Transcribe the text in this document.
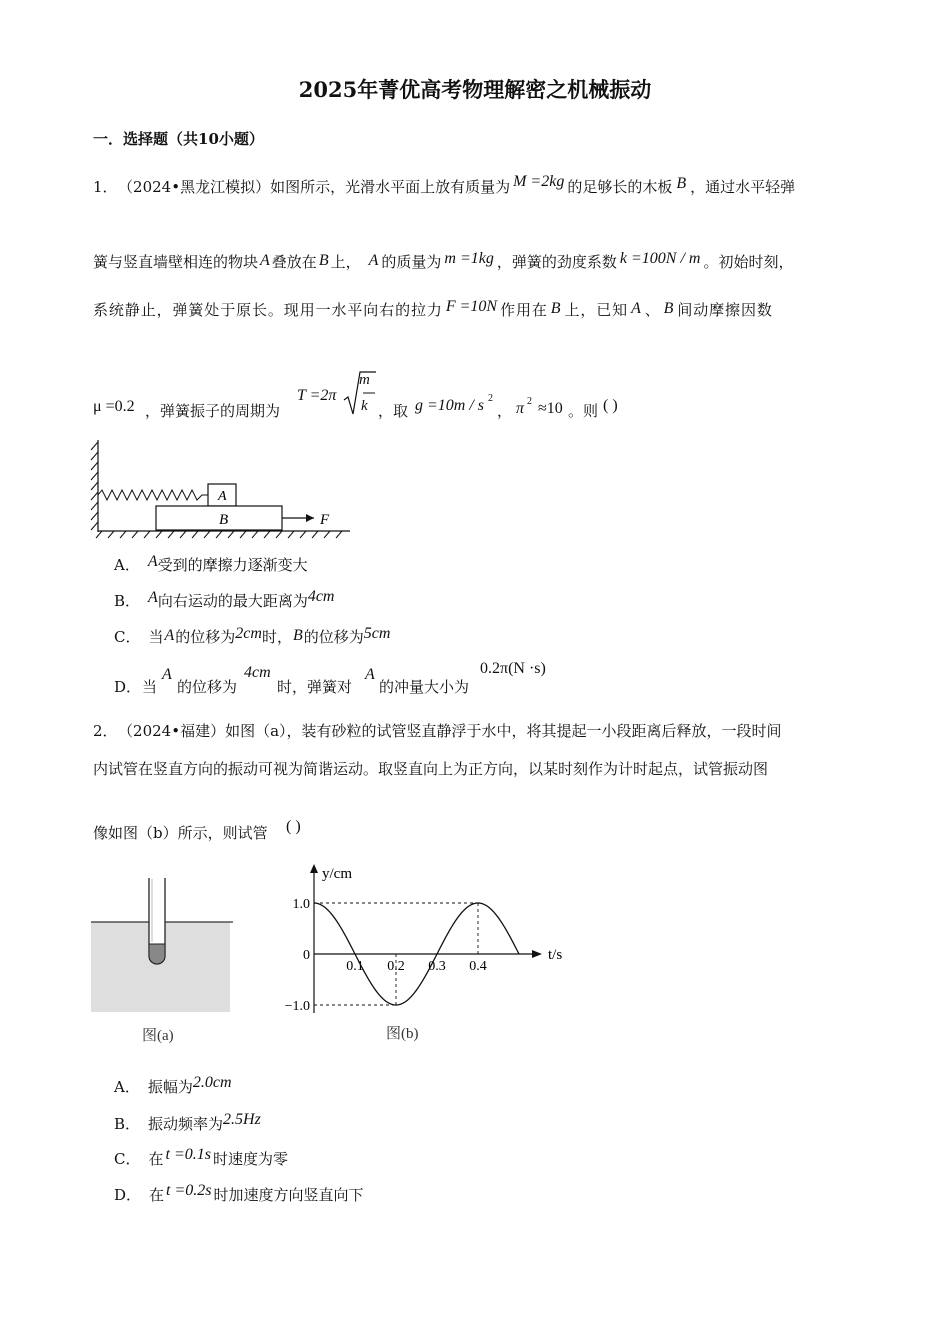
2025年菁优高考物理解密之机械振动
一．选择题（共10小题）
1． （2024•黑龙江模拟）如图所示，光滑水平面上放有质量为 M =2kg 的足够长的木板 B ，通过水平轻弹
簧与竖直墙壁相连的物块 A 叠放在 B 上， A 的质量为 m =1kg ，弹簧的劲度系数 k =100N / m 。初始时刻，
系统静止，弹簧处于原长。现用一水平向右的拉力 F =10N 作用在 B 上，已知 A 、 B 间动摩擦因数
μ =0.2 ，弹簧振子的周期为
T =2π
m
k ，取 g =10m / s 2
， π 2 ≈10 。则 ( )
A
B	F
A． A受到的摩擦力逐渐变大
B． A向右运动的最大距离为4cm
C． 当A的位移为2cm时，B的位移为5cm
D． 当
A
的位移为
4cm
时，弹簧对
A
的冲量大小为
0.2π(N ·s)
2． （2024•福建）如图（a），装有砂粒的试管竖直静浮于水中，将其提起一小段距离后释放，一段时间
内试管在竖直方向的振动可视为简谐运动。取竖直向上为正方向，以某时刻作为计时起点，试管振动图
像如图（b）所示，则试管 ( )
图(a)
y/cm
t/s
0.1 0.2 0.3 0.4
1.0
0
−1.0
图(b)
A． 振幅为2.0cm
B． 振动频率为2.5Hz
C． 在 t =0.1s 时速度为零
D． 在 t =0.2s 时加速度方向竖直向下
